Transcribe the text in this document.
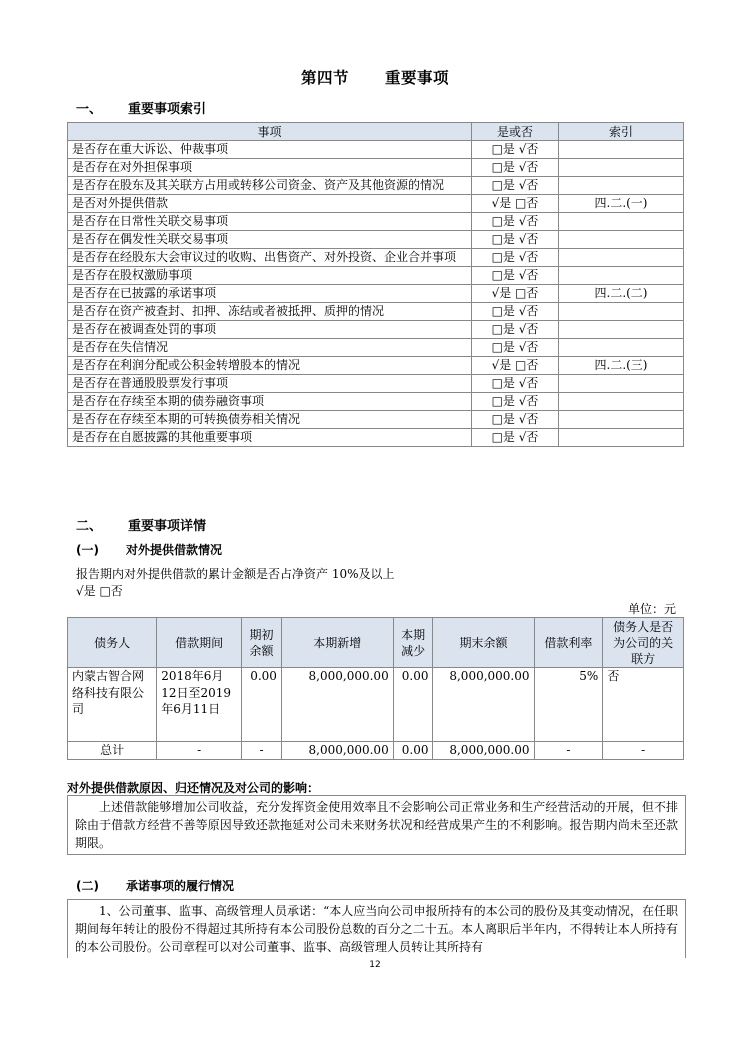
第四节 重要事项
一、 重要事项索引
事项	是或否	索引
是否存在重大诉讼、仲裁事项	□是 √否	
是否存在对外担保事项	□是 √否	
是否存在股东及其关联方占用或转移公司资金、资产及其他资源的情况	□是 √否	
是否对外提供借款	√是 □否	四.二.(一)
是否存在日常性关联交易事项	□是 √否	
是否存在偶发性关联交易事项	□是 √否	
是否存在经股东大会审议过的收购、出售资产、对外投资、企业合并事项	□是 √否	
是否存在股权激励事项	□是 √否	
是否存在已披露的承诺事项	√是 □否	四.二.(二)
是否存在资产被查封、扣押、冻结或者被抵押、质押的情况	□是 √否	
是否存在被调查处罚的事项	□是 √否	
是否存在失信情况	□是 √否	
是否存在利润分配或公积金转增股本的情况	√是 □否	四.二.(三)
是否存在普通股股票发行事项	□是 √否	
是否存在存续至本期的债券融资事项	□是 √否	
是否存在存续至本期的可转换债券相关情况	□是 √否	
是否存在自愿披露的其他重要事项	□是 √否	
二、 重要事项详情
(一) 对外提供借款情况
报告期内对外提供借款的累计金额是否占净资产 10%及以上
√是 □否
单位：元
债务人	借款期间	期初余额	本期新增	本期减少	期末余额	借款利率	债务人是否为公司的关联方
内蒙古智合网络科技有限公司	2018年6月12日至2019年6月11日	0.00	8,000,000.00	0.00	8,000,000.00	5%	否
总计	-	-	8,000,000.00	0.00	8,000,000.00	-	-
对外提供借款原因、归还情况及对公司的影响：
上述借款能够增加公司收益，充分发挥资金使用效率且不会影响公司正常业务和生产经营活动的开展，但不排除由于借款方经营不善等原因导致还款拖延对公司未来财务状况和经营成果产生的不利影响。报告期内尚未至还款期限。
(二) 承诺事项的履行情况
1、公司董事、监事、高级管理人员承诺：“本人应当向公司申报所持有的本公司的股份及其变动情况，在任职期间每年转让的股份不得超过其所持有本公司股份总数的百分之二十五。本人离职后半年内，不得转让本人所持有的本公司股份。公司章程可以对公司董事、监事、高级管理人员转让其所持有
12
